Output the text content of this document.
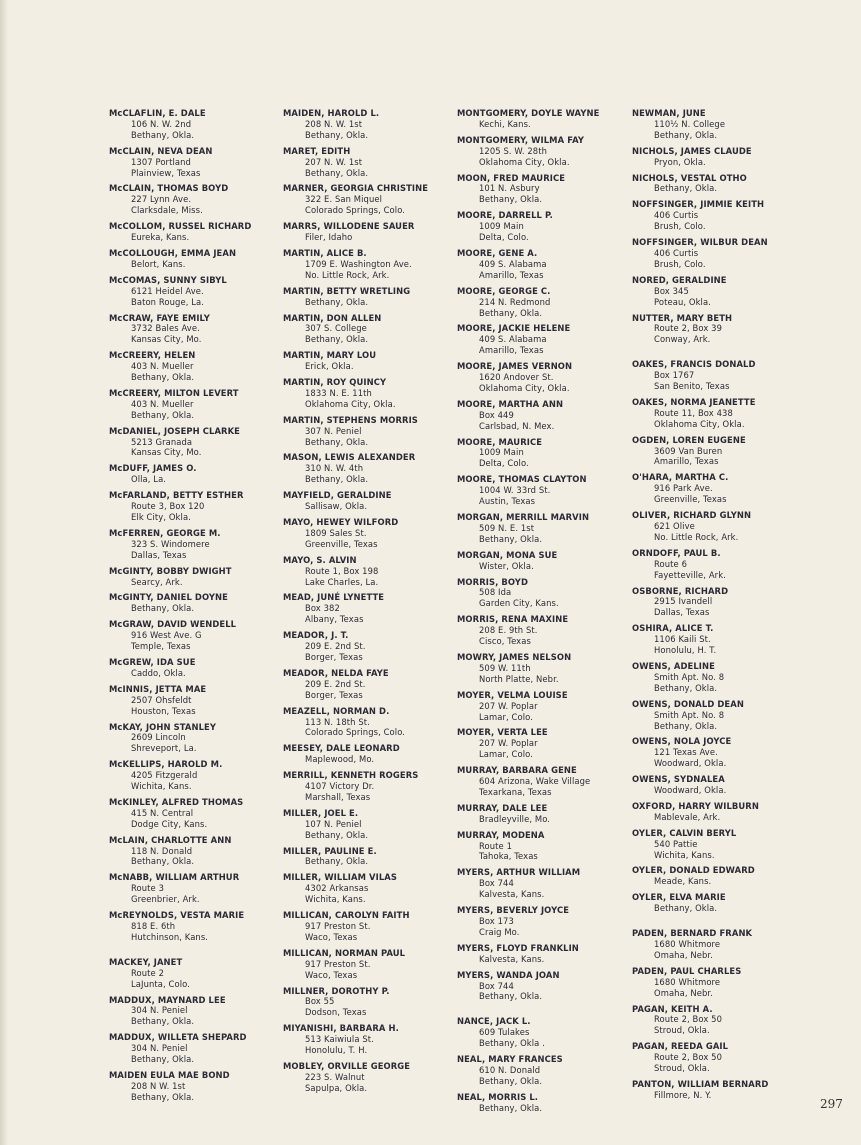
McCLAFLIN, E. DALE
106 N. W. 2nd
Bethany, Okla.
McCLAIN, NEVA DEAN
1307 Portland
Plainview, Texas
McCLAIN, THOMAS BOYD
227 Lynn Ave.
Clarksdale, Miss.
McCOLLOM, RUSSEL RICHARD
Eureka, Kans.
McCOLLOUGH, EMMA JEAN
Belort, Kans.
McCOMAS, SUNNY SIBYL
6121 Heidel Ave.
Baton Rouge, La.
McCRAW, FAYE EMILY
3732 Bales Ave.
Kansas City, Mo.
McCREERY, HELEN
403 N. Mueller
Bethany, Okla.
McCREERY, MILTON LEVERT
403 N. Mueller
Bethany, Okla.
McDANIEL, JOSEPH CLARKE
5213 Granada
Kansas City, Mo.
McDUFF, JAMES O.
Olla, La.
McFARLAND, BETTY ESTHER
Route 3, Box 120
Elk City, Okla.
McFERREN, GEORGE M.
323 S. Windomere
Dallas, Texas
McGINTY, BOBBY DWIGHT
Searcy, Ark.
McGINTY, DANIEL DOYNE
Bethany, Okla.
McGRAW, DAVID WENDELL
916 West Ave. G
Temple, Texas
McGREW, IDA SUE
Caddo, Okla.
McINNIS, JETTA MAE
2507 Ohsfeldt
Houston, Texas
McKAY, JOHN STANLEY
2609 Lincoln
Shreveport, La.
McKELLIPS, HAROLD M.
4205 Fitzgerald
Wichita, Kans.
McKINLEY, ALFRED THOMAS
415 N. Central
Dodge City, Kans.
McLAIN, CHARLOTTE ANN
118 N. Donald
Bethany, Okla.
McNABB, WILLIAM ARTHUR
Route 3
Greenbrier, Ark.
McREYNOLDS, VESTA MARIE
818 E. 6th
Hutchinson, Kans.
MACKEY, JANET
Route 2
LaJunta, Colo.
MADDUX, MAYNARD LEE
304 N. Peniel
Bethany, Okla.
MADDUX, WILLETA SHEPARD
304 N. Peniel
Bethany, Okla.
MAIDEN EULA MAE BOND
208 N W. 1st
Bethany, Okla.
MAIDEN, HAROLD L.
208 N. W. 1st
Bethany, Okla.
MARET, EDITH
207 N. W. 1st
Bethany, Okla.
MARNER, GEORGIA CHRISTINE
322 E. San Miquel
Colorado Springs, Colo.
MARRS, WILLODENE SAUER
Filer, Idaho
MARTIN, ALICE B.
1709 E. Washington Ave.
No. Little Rock, Ark.
MARTIN, BETTY WRETLING
Bethany, Okla.
MARTIN, DON ALLEN
307 S. College
Bethany, Okla.
MARTIN, MARY LOU
Erick, Okla.
MARTIN, ROY QUINCY
1833 N. E. 11th
Oklahoma City, Okla.
MARTIN, STEPHENS MORRIS
307 N. Peniel
Bethany, Okla.
MASON, LEWIS ALEXANDER
310 N. W. 4th
Bethany, Okla.
MAYFIELD, GERALDINE
Sallisaw, Okla.
MAYO, HEWEY WILFORD
1809 Sales St.
Greenville, Texas
MAYO, S. ALVIN
Route 1, Box 198
Lake Charles, La.
MEAD, JUNÉ LYNETTE
Box 382
Albany, Texas
MEADOR, J. T.
209 E. 2nd St.
Borger, Texas
MEADOR, NELDA FAYE
209 E. 2nd St.
Borger, Texas
MEAZELL, NORMAN D.
113 N. 18th St.
Colorado Springs, Colo.
MEESEY, DALE LEONARD
Maplewood, Mo.
MERRILL, KENNETH ROGERS
4107 Victory Dr.
Marshall, Texas
MILLER, JOEL E.
107 N. Peniel
Bethany, Okla.
MILLER, PAULINE E.
Bethany, Okla.
MILLER, WILLIAM VILAS
4302 Arkansas
Wichita, Kans.
MILLICAN, CAROLYN FAITH
917 Preston St.
Waco, Texas
MILLICAN, NORMAN PAUL
917 Preston St.
Waco, Texas
MILLNER, DOROTHY P.
Box 55
Dodson, Texas
MIYANISHI, BARBARA H.
513 Kaiwiula St.
Honolulu, T. H.
MOBLEY, ORVILLE GEORGE
223 S. Walnut
Sapulpa, Okla.
MONTGOMERY, DOYLE WAYNE
Kechi, Kans.
MONTGOMERY, WILMA FAY
1205 S. W. 28th
Oklahoma City, Okla.
MOON, FRED MAURICE
101 N. Asbury
Bethany, Okla.
MOORE, DARRELL P.
1009 Main
Delta, Colo.
MOORE, GENE A.
409 S. Alabama
Amarillo, Texas
MOORE, GEORGE C.
214 N. Redmond
Bethany, Okla.
MOORE, JACKIE HELENE
409 S. Alabama
Amarillo, Texas
MOORE, JAMES VERNON
1620 Andover St.
Oklahoma City, Okla.
MOORE, MARTHA ANN
Box 449
Carlsbad, N. Mex.
MOORE, MAURICE
1009 Main
Delta, Colo.
MOORE, THOMAS CLAYTON
1004 W. 33rd St.
Austin, Texas
MORGAN, MERRILL MARVIN
509 N. E. 1st
Bethany, Okla.
MORGAN, MONA SUE
Wister, Okla.
MORRIS, BOYD
508 Ida
Garden City, Kans.
MORRIS, RENA MAXINE
208 E. 9th St.
Cisco, Texas
MOWRY, JAMES NELSON
509 W. 11th
North Platte, Nebr.
MOYER, VELMA LOUISE
207 W. Poplar
Lamar, Colo.
MOYER, VERTA LEE
207 W. Poplar
Lamar, Colo.
MURRAY, BARBARA GENE
604 Arizona, Wake Village
Texarkana, Texas
MURRAY, DALE LEE
Bradleyville, Mo.
MURRAY, MODENA
Route 1
Tahoka, Texas
MYERS, ARTHUR WILLIAM
Box 744
Kalvesta, Kans.
MYERS, BEVERLY JOYCE
Box 173
Craig Mo.
MYERS, FLOYD FRANKLIN
Kalvesta, Kans.
MYERS, WANDA JOAN
Box 744
Bethany, Okla.
NANCE, JACK L.
609 Tulakes
Bethany, Okla .
NEAL, MARY FRANCES
610 N. Donald
Bethany, Okla.
NEAL, MORRIS L.
Bethany, Okla.
NEWMAN, JUNE
110½ N. College
Bethany, Okla.
NICHOLS, JAMES CLAUDE
Pryon, Okla.
NICHOLS, VESTAL OTHO
Bethany, Okla.
NOFFSINGER, JIMMIE KEITH
406 Curtis
Brush, Colo.
NOFFSINGER, WILBUR DEAN
406 Curtis
Brush, Colo.
NORED, GERALDINE
Box 345
Poteau, Okla.
NUTTER, MARY BETH
Route 2, Box 39
Conway, Ark.
OAKES, FRANCIS DONALD
Box 1767
San Benito, Texas
OAKES, NORMA JEANETTE
Route 11, Box 438
Oklahoma City, Okla.
OGDEN, LOREN EUGENE
3609 Van Buren
Amarillo, Texas
O'HARA, MARTHA C.
916 Park Ave.
Greenville, Texas
OLIVER, RICHARD GLYNN
621 Olive
No. Little Rock, Ark.
ORNDOFF, PAUL B.
Route 6
Fayetteville, Ark.
OSBORNE, RICHARD
2915 Ivandell
Dallas, Texas
OSHIRA, ALICE T.
1106 Kaili St.
Honolulu, H. T.
OWENS, ADELINE
Smith Apt. No. 8
Bethany, Okla.
OWENS, DONALD DEAN
Smith Apt. No. 8
Bethany, Okla.
OWENS, NOLA JOYCE
121 Texas Ave.
Woodward, Okla.
OWENS, SYDNALEA
Woodward, Okla.
OXFORD, HARRY WILBURN
Mablevale, Ark.
OYLER, CALVIN BERYL
540 Pattie
Wichita, Kans.
OYLER, DONALD EDWARD
Meade, Kans.
OYLER, ELVA MARIE
Bethany, Okla.
PADEN, BERNARD FRANK
1680 Whitmore
Omaha, Nebr.
PADEN, PAUL CHARLES
1680 Whitmore
Omaha, Nebr.
PAGAN, KEITH A.
Route 2, Box 50
Stroud, Okla.
PAGAN, REEDA GAIL
Route 2, Box 50
Stroud, Okla.
PANTON, WILLIAM BERNARD
Fillmore, N. Y.
297
